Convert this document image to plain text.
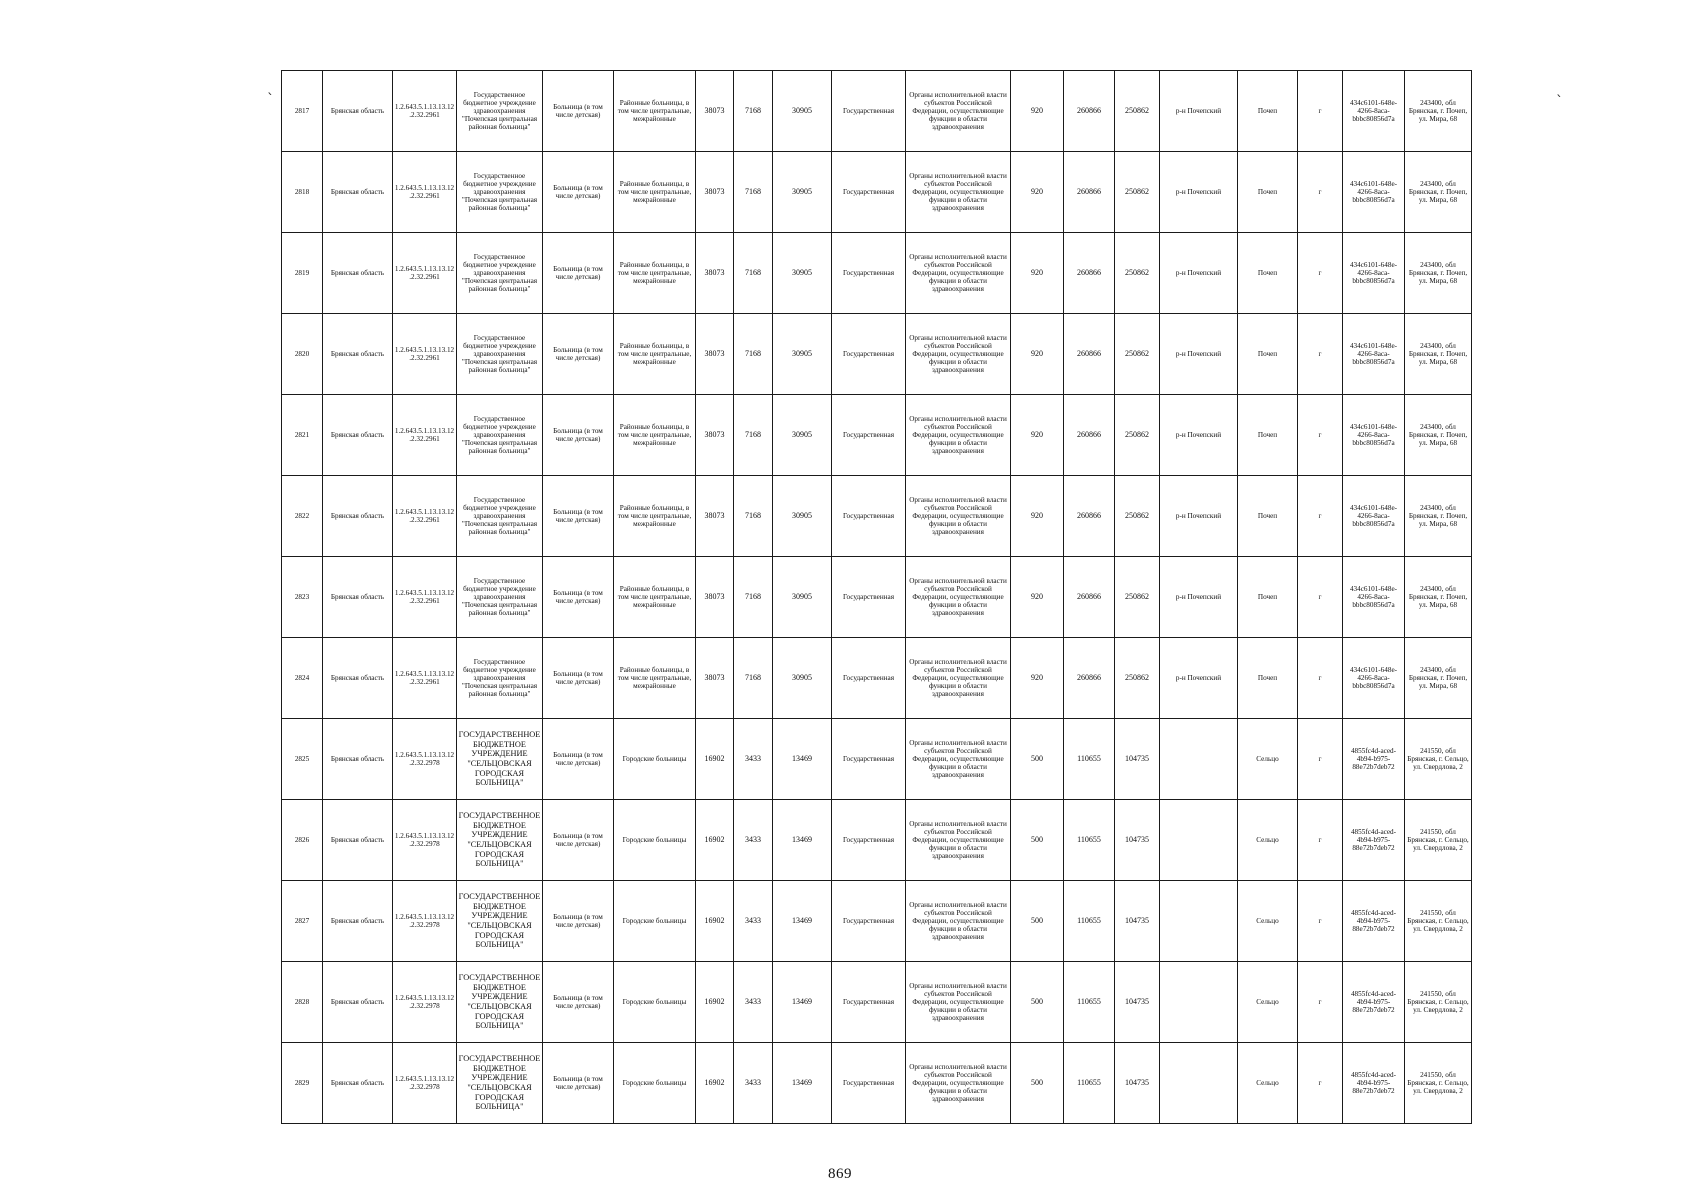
`	`
2817	Брянская область	1.2.643.5.1.13.13.12.2.32.2961	Государственное бюджетное учреждение здравоохранения "Почепская центральная районная больница"	Больница (в том числе детская)	Районные больницы, в том числе центральные, межрайонные	38073	7168	30905	Государственная	Органы исполнительной власти субъектов Российской Федерации, осуществляющие функции в области здравоохранения	920	260866	250862	р-н Почепский	Почеп	г	434c6101-648e-4266-8aca-bbbc80856d7a	243400, обл Брянская, г. Почеп, ул. Мира, 68
2818	Брянская область	1.2.643.5.1.13.13.12.2.32.2961	Государственное бюджетное учреждение здравоохранения "Почепская центральная районная больница"	Больница (в том числе детская)	Районные больницы, в том числе центральные, межрайонные	38073	7168	30905	Государственная	Органы исполнительной власти субъектов Российской Федерации, осуществляющие функции в области здравоохранения	920	260866	250862	р-н Почепский	Почеп	г	434c6101-648e-4266-8aca-bbbc80856d7a	243400, обл Брянская, г. Почеп, ул. Мира, 68
2819	Брянская область	1.2.643.5.1.13.13.12.2.32.2961	Государственное бюджетное учреждение здравоохранения "Почепская центральная районная больница"	Больница (в том числе детская)	Районные больницы, в том числе центральные, межрайонные	38073	7168	30905	Государственная	Органы исполнительной власти субъектов Российской Федерации, осуществляющие функции в области здравоохранения	920	260866	250862	р-н Почепский	Почеп	г	434c6101-648e-4266-8aca-bbbc80856d7a	243400, обл Брянская, г. Почеп, ул. Мира, 68
2820	Брянская область	1.2.643.5.1.13.13.12.2.32.2961	Государственное бюджетное учреждение здравоохранения "Почепская центральная районная больница"	Больница (в том числе детская)	Районные больницы, в том числе центральные, межрайонные	38073	7168	30905	Государственная	Органы исполнительной власти субъектов Российской Федерации, осуществляющие функции в области здравоохранения	920	260866	250862	р-н Почепский	Почеп	г	434c6101-648e-4266-8aca-bbbc80856d7a	243400, обл Брянская, г. Почеп, ул. Мира, 68
2821	Брянская область	1.2.643.5.1.13.13.12.2.32.2961	Государственное бюджетное учреждение здравоохранения "Почепская центральная районная больница"	Больница (в том числе детская)	Районные больницы, в том числе центральные, межрайонные	38073	7168	30905	Государственная	Органы исполнительной власти субъектов Российской Федерации, осуществляющие функции в области здравоохранения	920	260866	250862	р-н Почепский	Почеп	г	434c6101-648e-4266-8aca-bbbc80856d7a	243400, обл Брянская, г. Почеп, ул. Мира, 68
2822	Брянская область	1.2.643.5.1.13.13.12.2.32.2961	Государственное бюджетное учреждение здравоохранения "Почепская центральная районная больница"	Больница (в том числе детская)	Районные больницы, в том числе центральные, межрайонные	38073	7168	30905	Государственная	Органы исполнительной власти субъектов Российской Федерации, осуществляющие функции в области здравоохранения	920	260866	250862	р-н Почепский	Почеп	г	434c6101-648e-4266-8aca-bbbc80856d7a	243400, обл Брянская, г. Почеп, ул. Мира, 68
2823	Брянская область	1.2.643.5.1.13.13.12.2.32.2961	Государственное бюджетное учреждение здравоохранения "Почепская центральная районная больница"	Больница (в том числе детская)	Районные больницы, в том числе центральные, межрайонные	38073	7168	30905	Государственная	Органы исполнительной власти субъектов Российской Федерации, осуществляющие функции в области здравоохранения	920	260866	250862	р-н Почепский	Почеп	г	434c6101-648e-4266-8aca-bbbc80856d7a	243400, обл Брянская, г. Почеп, ул. Мира, 68
2824	Брянская область	1.2.643.5.1.13.13.12.2.32.2961	Государственное бюджетное учреждение здравоохранения "Почепская центральная районная больница"	Больница (в том числе детская)	Районные больницы, в том числе центральные, межрайонные	38073	7168	30905	Государственная	Органы исполнительной власти субъектов Российской Федерации, осуществляющие функции в области здравоохранения	920	260866	250862	р-н Почепский	Почеп	г	434c6101-648e-4266-8aca-bbbc80856d7a	243400, обл Брянская, г. Почеп, ул. Мира, 68
2825	Брянская область	1.2.643.5.1.13.13.12.2.32.2978	ГОСУДАРСТВЕННОЕ БЮДЖЕТНОЕ УЧРЕЖДЕНИЕ "СЕЛЬЦОВСКАЯ ГОРОДСКАЯ БОЛЬНИЦА"	Больница (в том числе детская)	Городские больницы	16902	3433	13469	Государственная	Органы исполнительной власти субъектов Российской Федерации, осуществляющие функции в области здравоохранения	500	110655	104735		Сельцо	г	4855fc4d-aced-4b94-b975-88e72b7deb72	241550, обл Брянская, г. Сельцо, ул. Свердлова, 2
2826	Брянская область	1.2.643.5.1.13.13.12.2.32.2978	ГОСУДАРСТВЕННОЕ БЮДЖЕТНОЕ УЧРЕЖДЕНИЕ "СЕЛЬЦОВСКАЯ ГОРОДСКАЯ БОЛЬНИЦА"	Больница (в том числе детская)	Городские больницы	16902	3433	13469	Государственная	Органы исполнительной власти субъектов Российской Федерации, осуществляющие функции в области здравоохранения	500	110655	104735		Сельцо	г	4855fc4d-aced-4b94-b975-88e72b7deb72	241550, обл Брянская, г. Сельцо, ул. Свердлова, 2
2827	Брянская область	1.2.643.5.1.13.13.12.2.32.2978	ГОСУДАРСТВЕННОЕ БЮДЖЕТНОЕ УЧРЕЖДЕНИЕ "СЕЛЬЦОВСКАЯ ГОРОДСКАЯ БОЛЬНИЦА"	Больница (в том числе детская)	Городские больницы	16902	3433	13469	Государственная	Органы исполнительной власти субъектов Российской Федерации, осуществляющие функции в области здравоохранения	500	110655	104735		Сельцо	г	4855fc4d-aced-4b94-b975-88e72b7deb72	241550, обл Брянская, г. Сельцо, ул. Свердлова, 2
2828	Брянская область	1.2.643.5.1.13.13.12.2.32.2978	ГОСУДАРСТВЕННОЕ БЮДЖЕТНОЕ УЧРЕЖДЕНИЕ "СЕЛЬЦОВСКАЯ ГОРОДСКАЯ БОЛЬНИЦА"	Больница (в том числе детская)	Городские больницы	16902	3433	13469	Государственная	Органы исполнительной власти субъектов Российской Федерации, осуществляющие функции в области здравоохранения	500	110655	104735		Сельцо	г	4855fc4d-aced-4b94-b975-88e72b7deb72	241550, обл Брянская, г. Сельцо, ул. Свердлова, 2
2829	Брянская область	1.2.643.5.1.13.13.12.2.32.2978	ГОСУДАРСТВЕННОЕ БЮДЖЕТНОЕ УЧРЕЖДЕНИЕ "СЕЛЬЦОВСКАЯ ГОРОДСКАЯ БОЛЬНИЦА"	Больница (в том числе детская)	Городские больницы	16902	3433	13469	Государственная	Органы исполнительной власти субъектов Российской Федерации, осуществляющие функции в области здравоохранения	500	110655	104735		Сельцо	г	4855fc4d-aced-4b94-b975-88e72b7deb72	241550, обл Брянская, г. Сельцо, ул. Свердлова, 2
869
